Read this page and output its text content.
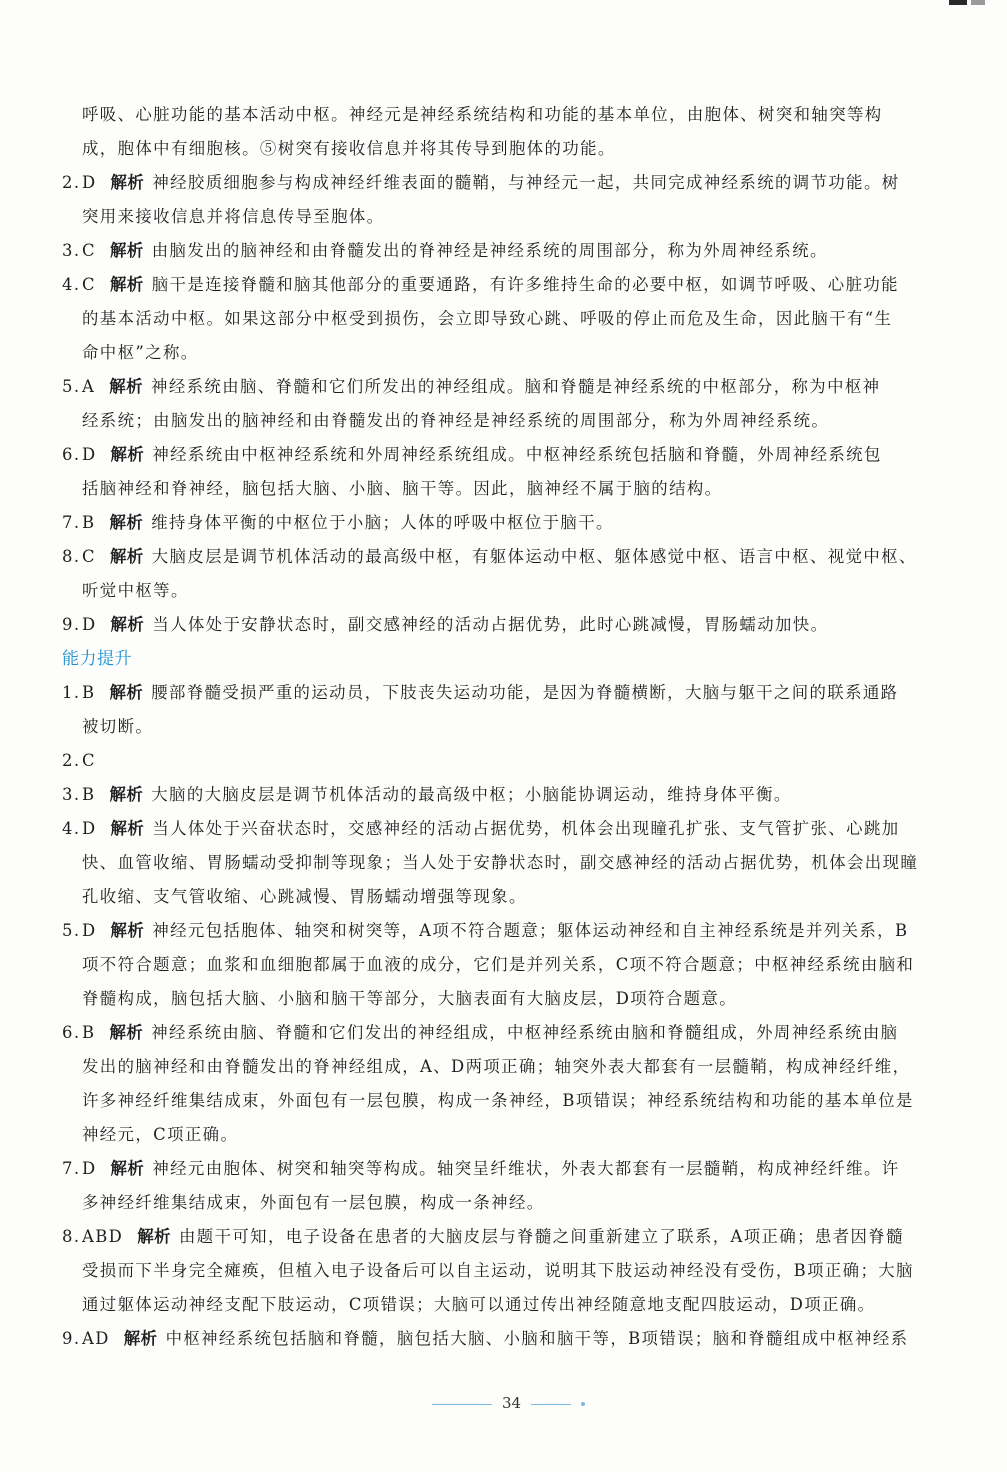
呼吸、心脏功能的基本活动中枢。神经元是神经系统结构和功能的基本单位，由胞体、树突和轴突等构
成，胞体中有细胞核。⑤树突有接收信息并将其传导到胞体的功能。
2.D 解析 神经胶质细胞参与构成神经纤维表面的髓鞘，与神经元一起，共同完成神经系统的调节功能。树
突用来接收信息并将信息传导至胞体。
3.C 解析 由脑发出的脑神经和由脊髓发出的脊神经是神经系统的周围部分，称为外周神经系统。
4.C 解析 脑干是连接脊髓和脑其他部分的重要通路，有许多维持生命的必要中枢，如调节呼吸、心脏功能
的基本活动中枢。如果这部分中枢受到损伤，会立即导致心跳、呼吸的停止而危及生命，因此脑干有“生
命中枢”之称。
5.A 解析 神经系统由脑、脊髓和它们所发出的神经组成。脑和脊髓是神经系统的中枢部分，称为中枢神
经系统；由脑发出的脑神经和由脊髓发出的脊神经是神经系统的周围部分，称为外周神经系统。
6.D 解析 神经系统由中枢神经系统和外周神经系统组成。中枢神经系统包括脑和脊髓，外周神经系统包
括脑神经和脊神经，脑包括大脑、小脑、脑干等。因此，脑神经不属于脑的结构。
7.B 解析 维持身体平衡的中枢位于小脑；人体的呼吸中枢位于脑干。
8.C 解析 大脑皮层是调节机体活动的最高级中枢，有躯体运动中枢、躯体感觉中枢、语言中枢、视觉中枢、
听觉中枢等。
9.D 解析 当人体处于安静状态时，副交感神经的活动占据优势，此时心跳减慢，胃肠蠕动加快。
能力提升
1.B 解析 腰部脊髓受损严重的运动员，下肢丧失运动功能，是因为脊髓横断，大脑与躯干之间的联系通路
被切断。
2.C
3.B 解析 大脑的大脑皮层是调节机体活动的最高级中枢；小脑能协调运动，维持身体平衡。
4.D 解析 当人体处于兴奋状态时，交感神经的活动占据优势，机体会出现瞳孔扩张、支气管扩张、心跳加
快、血管收缩、胃肠蠕动受抑制等现象；当人处于安静状态时，副交感神经的活动占据优势，机体会出现瞳
孔收缩、支气管收缩、心跳减慢、胃肠蠕动增强等现象。
5.D 解析 神经元包括胞体、轴突和树突等，A项不符合题意；躯体运动神经和自主神经系统是并列关系，B
项不符合题意；血浆和血细胞都属于血液的成分，它们是并列关系，C项不符合题意；中枢神经系统由脑和
脊髓构成，脑包括大脑、小脑和脑干等部分，大脑表面有大脑皮层，D项符合题意。
6.B 解析 神经系统由脑、脊髓和它们发出的神经组成，中枢神经系统由脑和脊髓组成，外周神经系统由脑
发出的脑神经和由脊髓发出的脊神经组成，A、D两项正确；轴突外表大都套有一层髓鞘，构成神经纤维，
许多神经纤维集结成束，外面包有一层包膜，构成一条神经，B项错误；神经系统结构和功能的基本单位是
神经元，C项正确。
7.D 解析 神经元由胞体、树突和轴突等构成。轴突呈纤维状，外表大都套有一层髓鞘，构成神经纤维。许
多神经纤维集结成束，外面包有一层包膜，构成一条神经。
8.ABD 解析 由题干可知，电子设备在患者的大脑皮层与脊髓之间重新建立了联系，A项正确；患者因脊髓
受损而下半身完全瘫痪，但植入电子设备后可以自主运动，说明其下肢运动神经没有受伤，B项正确；大脑
通过躯体运动神经支配下肢运动，C项错误；大脑可以通过传出神经随意地支配四肢运动，D项正确。
9.AD 解析 中枢神经系统包括脑和脊髓，脑包括大脑、小脑和脑干等，B项错误；脑和脊髓组成中枢神经系
34
